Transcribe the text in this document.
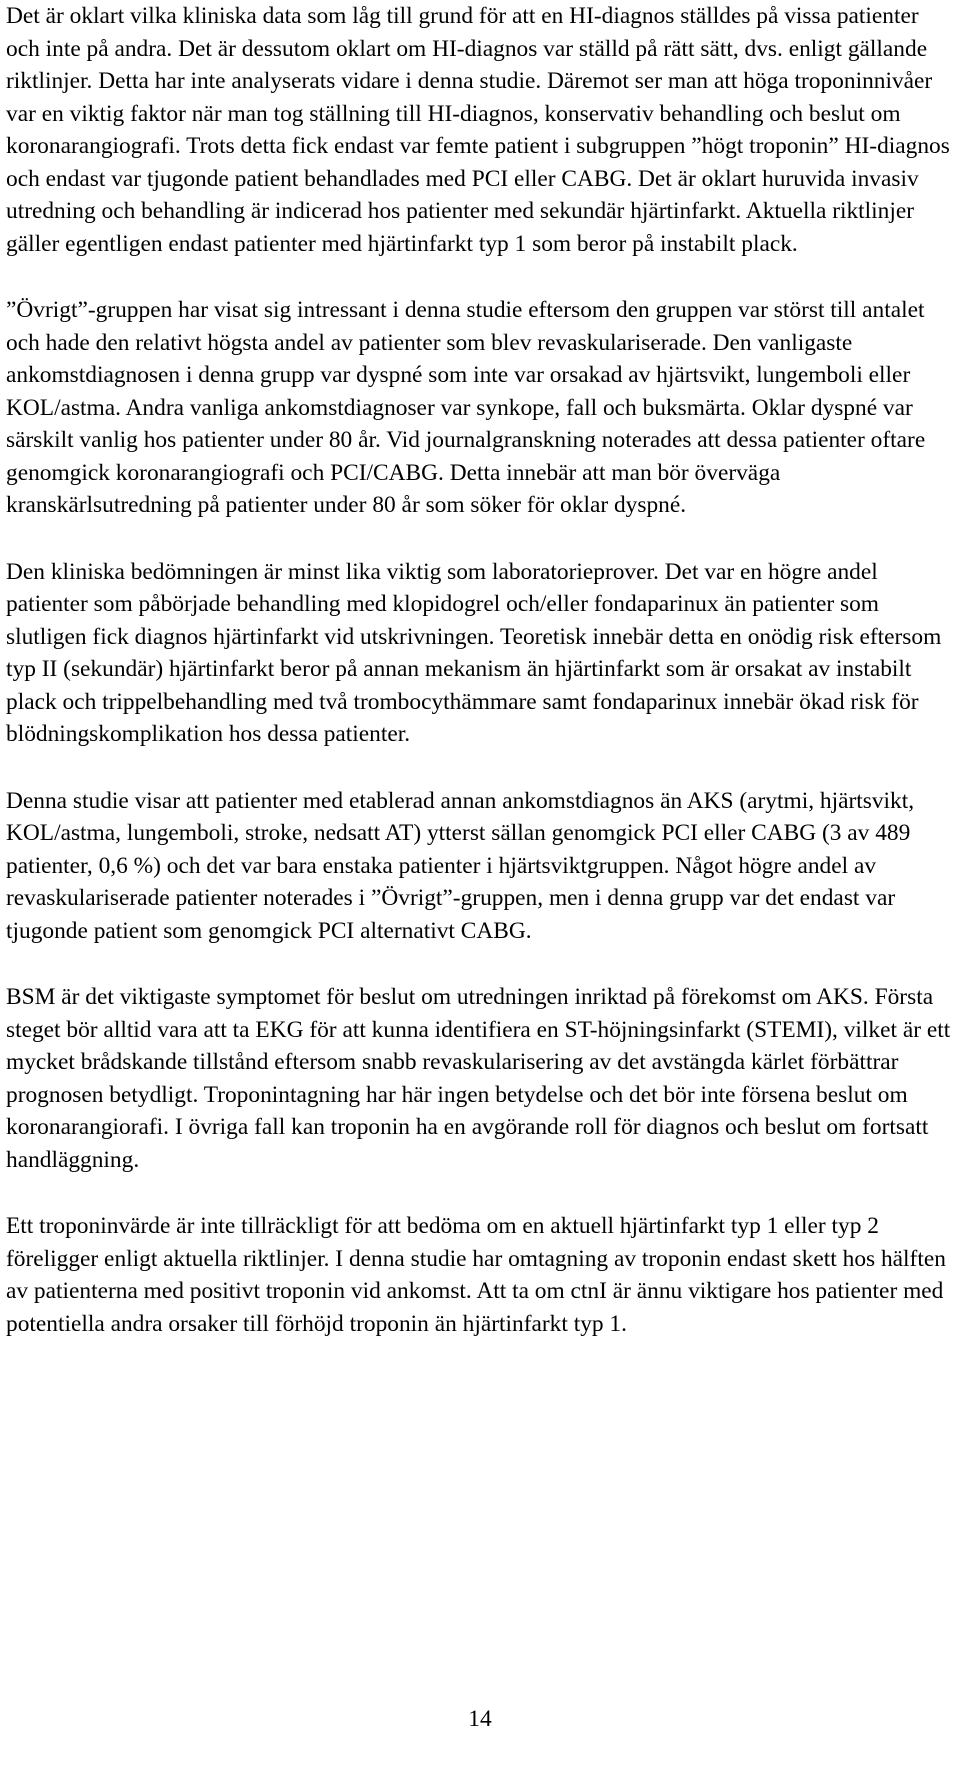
Det är oklart vilka kliniska data som låg till grund för att en HI-diagnos ställdes på vissa patienter och inte på andra. Det är dessutom oklart om HI-diagnos var ställd på rätt sätt, dvs. enligt gällande riktlinjer. Detta har inte analyserats vidare i denna studie. Däremot ser man att höga troponinnivåer var en viktig faktor när man tog ställning till HI-diagnos, konservativ behandling och beslut om koronarangiografi. Trots detta fick endast var femte patient i subgruppen ”högt troponin” HI-diagnos och endast var tjugonde patient behandlades med PCI eller CABG. Det är oklart huruvida invasiv utredning och behandling är indicerad hos patienter med sekundär hjärtinfarkt. Aktuella riktlinjer gäller egentligen endast patienter med hjärtinfarkt typ 1 som beror på instabilt plack.

”Övrigt”-gruppen har visat sig intressant i denna studie eftersom den gruppen var störst till antalet och hade den relativt högsta andel av patienter som blev revaskulariserade. Den vanligaste ankomstdiagnosen i denna grupp var dyspné som inte var orsakad av hjärtsvikt, lungemboli eller KOL/astma. Andra vanliga ankomstdiagnoser var synkope, fall och buksmärta. Oklar dyspné var särskilt vanlig hos patienter under 80 år. Vid journalgranskning noterades att dessa patienter oftare genomgick koronarangiografi och PCI/CABG. Detta innebär att man bör överväga kranskärlsutredning på patienter under 80 år som söker för oklar dyspné.

Den kliniska bedömningen är minst lika viktig som laboratorieprover. Det var en högre andel patienter som påbörjade behandling med klopidogrel och/eller fondaparinux än patienter som slutligen fick diagnos hjärtinfarkt vid utskrivningen. Teoretisk innebär detta en onödig risk eftersom typ II (sekundär) hjärtinfarkt beror på annan mekanism än hjärtinfarkt som är orsakat av instabilt plack och trippelbehandling med två trombocythämmare samt fondaparinux innebär ökad risk för blödningskomplikation hos dessa patienter.

Denna studie visar att patienter med etablerad annan ankomstdiagnos än AKS (arytmi, hjärtsvikt, KOL/astma, lungemboli, stroke, nedsatt AT) ytterst sällan genomgick PCI eller CABG (3 av 489 patienter, 0,6 %) och det var bara enstaka patienter i hjärtsviktgruppen. Något högre andel av revaskulariserade patienter noterades i ”Övrigt”-gruppen, men i denna grupp var det endast var tjugonde patient som genomgick PCI alternativt CABG.

BSM är det viktigaste symptomet för beslut om utredningen inriktad på förekomst om AKS. Första steget bör alltid vara att ta EKG för att kunna identifiera en ST-höjningsinfarkt (STEMI), vilket är ett mycket brådskande tillstånd eftersom snabb revaskularisering av det avstängda kärlet förbättrar prognosen betydligt. Troponintagning har här ingen betydelse och det bör inte försena beslut om koronarangiorafi. I övriga fall kan troponin ha en avgörande roll för diagnos och beslut om fortsatt handläggning.

Ett troponinvärde är inte tillräckligt för att bedöma om en aktuell hjärtinfarkt typ 1 eller typ 2 föreligger enligt aktuella riktlinjer. I denna studie har omtagning av troponin endast skett hos hälften av patienterna med positivt troponin vid ankomst. Att ta om ctnI är ännu viktigare hos patienter med potentiella andra orsaker till förhöjd troponin än hjärtinfarkt typ 1.

14
